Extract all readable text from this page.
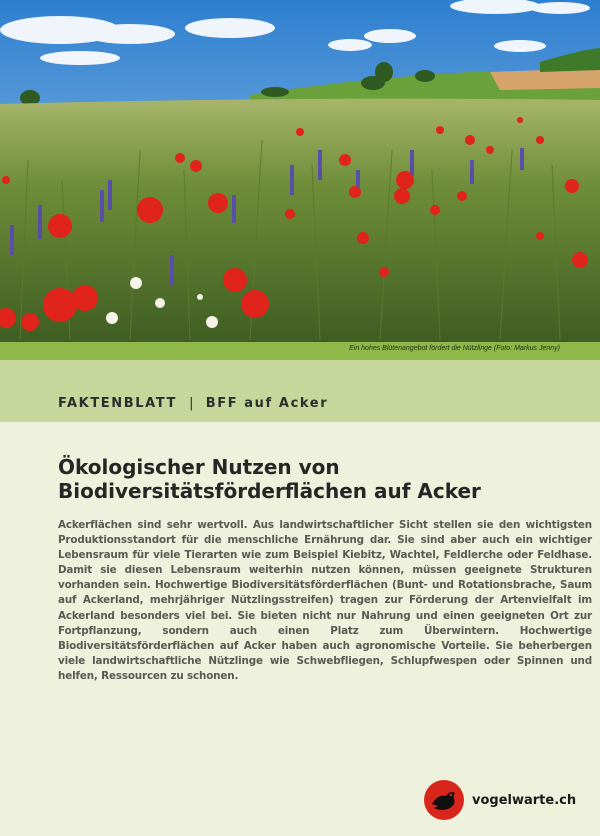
Ein hohes Blütenangebot fördert die Nützlinge (Foto: Markus Jenny)
FAKTENBLATT | BFF auf Acker
Ökologischer Nutzen von
Biodiversitätsförderflächen auf Acker

Ackerflächen sind sehr wertvoll. Aus landwirtschaftlicher Sicht stellen sie den wichtigsten Produktionsstandort für die menschliche Ernährung dar. Sie sind aber auch ein wichtiger Lebensraum für viele Tierarten wie zum Beispiel Kiebitz, Wachtel, Feldlerche oder Feldhase. Damit sie diesen Lebensraum weiterhin nutzen können, müssen geeignete Strukturen vorhanden sein. Hochwertige Biodiversitätsförderflächen (Bunt- und Rotationsbrache, Saum auf Ackerland, mehrjähriger Nützlingsstreifen) tragen zur Förderung der Artenvielfalt im Ackerland besonders viel bei. Sie bieten nicht nur Nahrung und einen geeigneten Ort zur Fortpflanzung, sondern auch einen Platz zum Überwintern. Hochwertige Biodiversitätsförderflächen auf Acker haben auch agronomische Vorteile. Sie beherbergen viele landwirtschaftliche Nützlinge wie Schwebfliegen, Schlupfwespen oder Spinnen und helfen, Ressourcen zu schonen.

vogelwarte.ch
